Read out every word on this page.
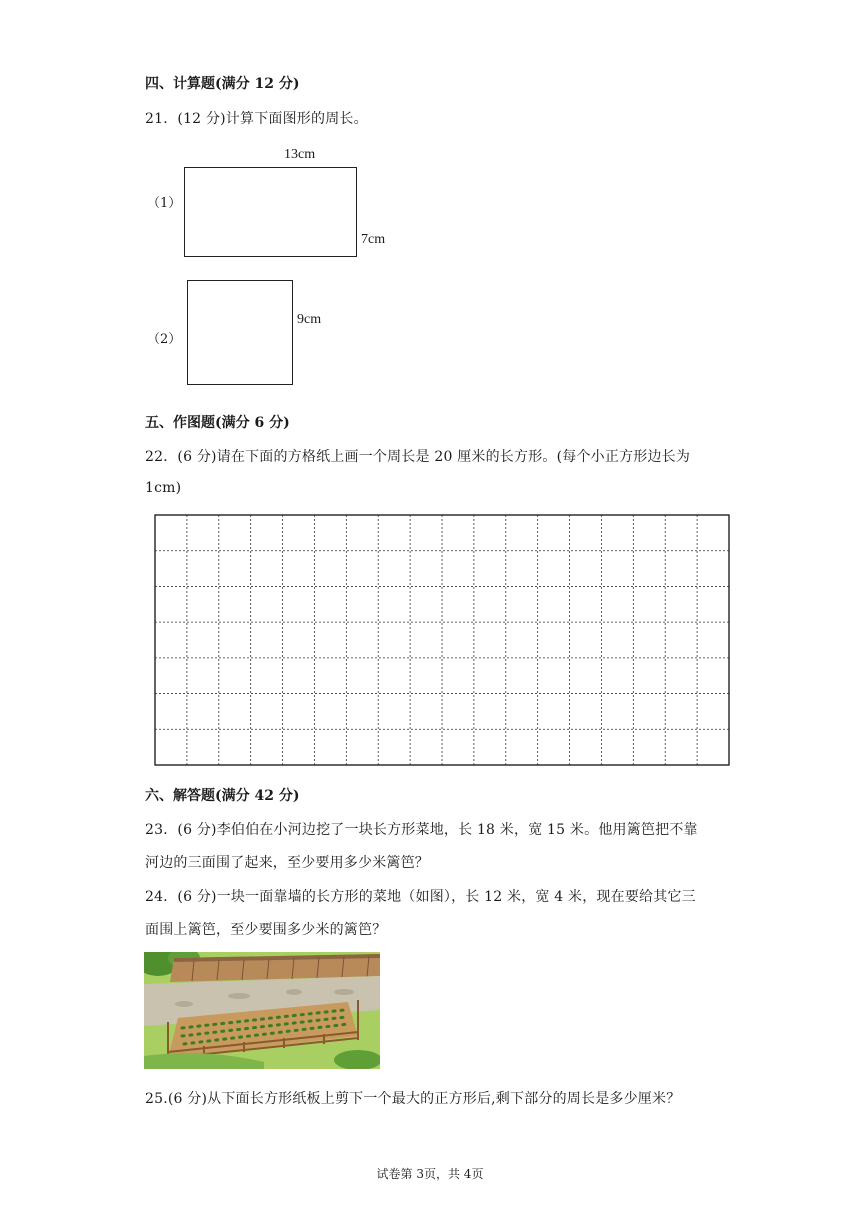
四、计算题(满分 12 分)
21．(12 分)计算下面图形的周长。
（1）
13cm
7cm
（2）
9cm
五、作图题(满分 6 分)
22．(6 分)请在下面的方格纸上画一个周长是 20 厘米的长方形。(每个小正方形边长为
1cm)
六、解答题(满分 42 分)
23．(6 分)李伯伯在小河边挖了一块长方形菜地，长 18 米，宽 15 米。他用篱笆把不靠
河边的三面围了起来，至少要用多少米篱笆？
24．(6 分)一块一面靠墙的长方形的菜地（如图），长 12 米，宽 4 米，现在要给其它三
面围上篱笆，至少要围多少米的篱笆？
25.(6 分)从下面长方形纸板上剪下一个最大的正方形后,剩下部分的周长是多少厘米？
试卷第 3页，共 4页
